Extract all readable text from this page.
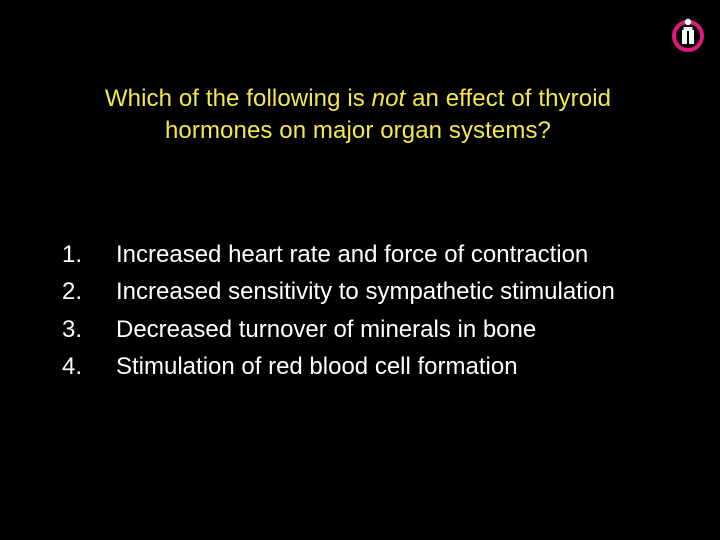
Which of the following is not an effect of thyroid
hormones on major organ systems?
1.	Increased heart rate and force of contraction
2.	Increased sensitivity to sympathetic stimulation
3.	Decreased turnover of minerals in bone
4.	Stimulation of red blood cell formation
